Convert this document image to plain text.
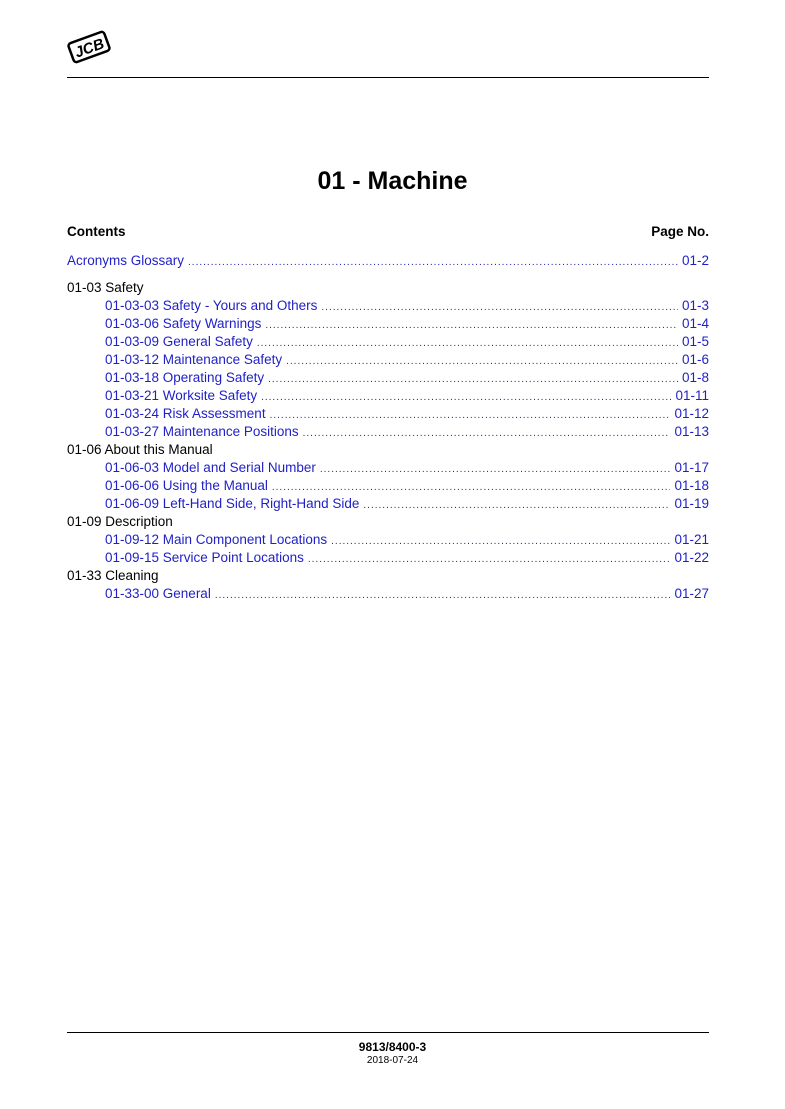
JCB
01 - Machine
Contents	Page No.
Acronyms Glossary .....	01-2
01-03 Safety
01-03-03 Safety - Yours and Others .....	01-3
01-03-06 Safety Warnings .....	01-4
01-03-09 General Safety .....	01-5
01-03-12 Maintenance Safety .....	01-6
01-03-18 Operating Safety .....	01-8
01-03-21 Worksite Safety .....	01-11
01-03-24 Risk Assessment .....	01-12
01-03-27 Maintenance Positions .....	01-13
01-06 About this Manual
01-06-03 Model and Serial Number .....	01-17
01-06-06 Using the Manual .....	01-18
01-06-09 Left-Hand Side, Right-Hand Side .....	01-19
01-09 Description
01-09-12 Main Component Locations .....	01-21
01-09-15 Service Point Locations .....	01-22
01-33 Cleaning
01-33-00 General .....	01-27
9813/8400-3
2018-07-24
